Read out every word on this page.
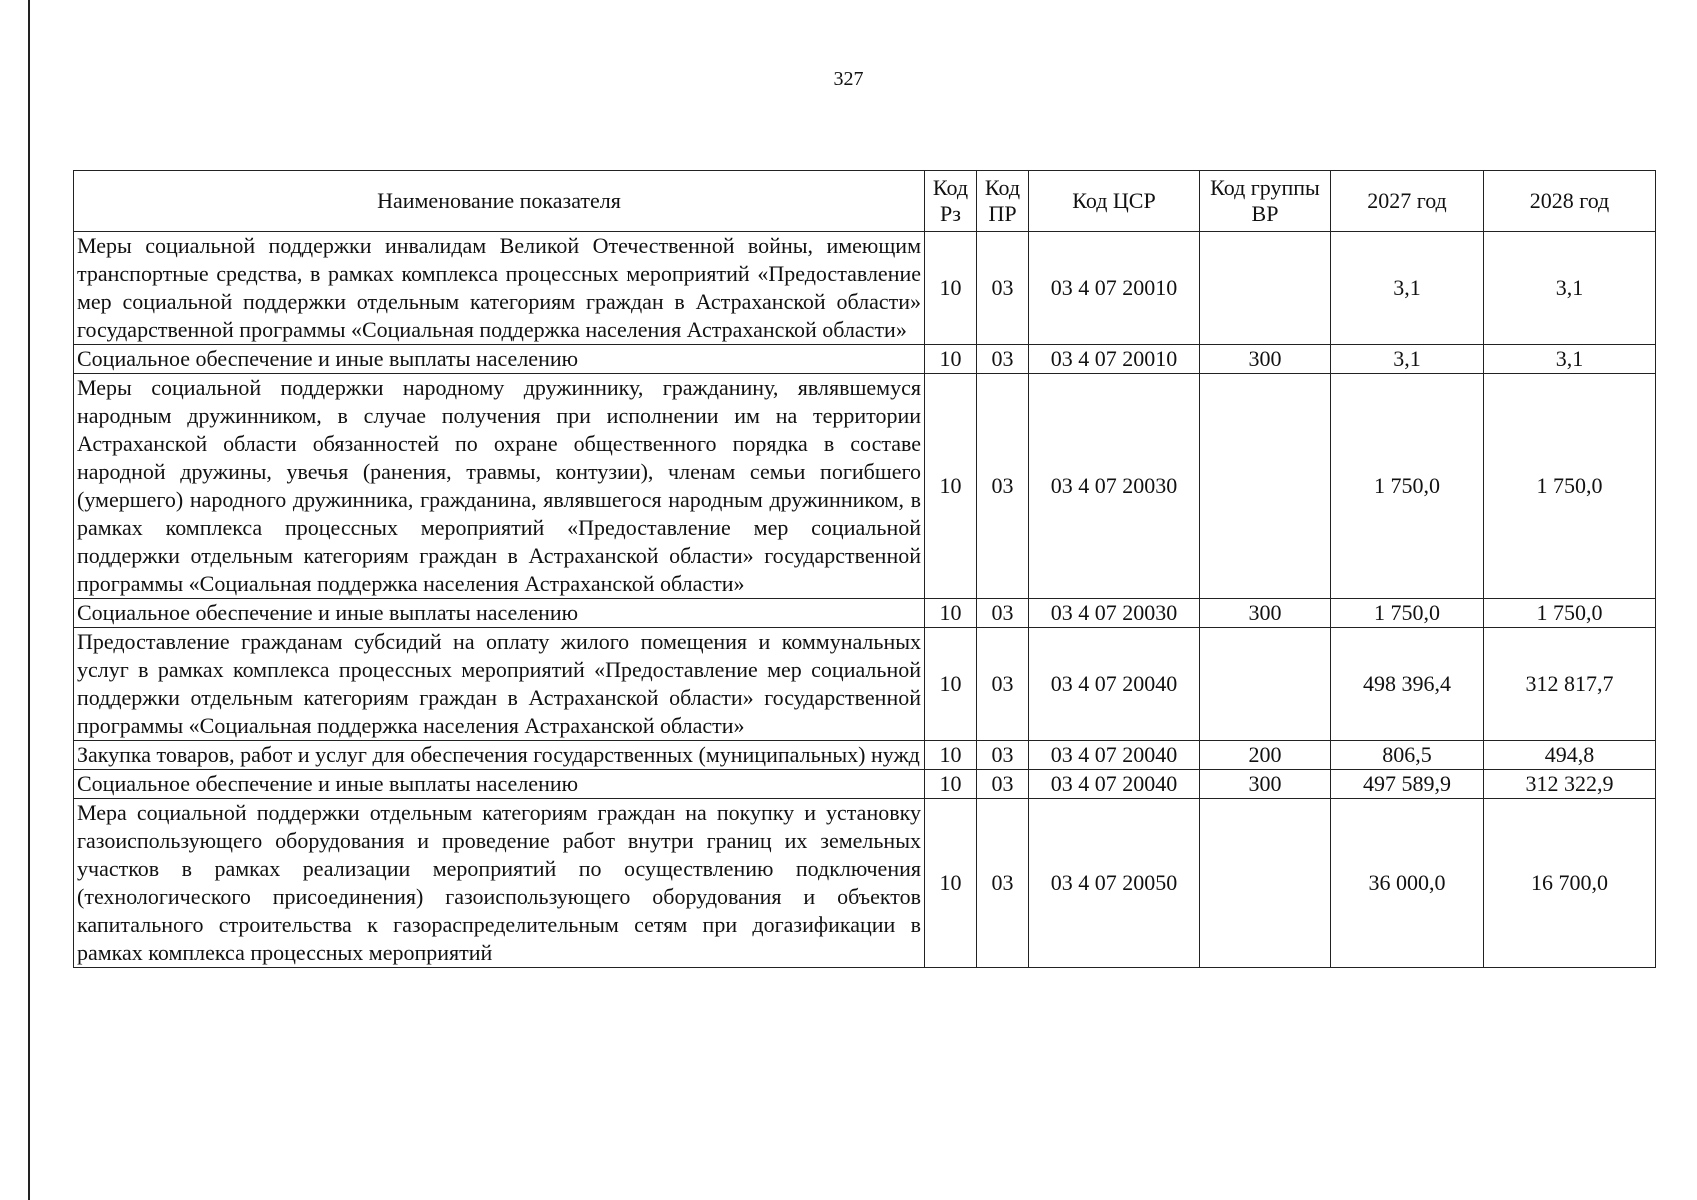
327
Наименование показателя	Код Рз	Код ПР	Код ЦСР	Код группы ВР	2027 год	2028 год
Меры социальной поддержки инвалидам Великой Отечественной войны, имеющим транспортные средства, в рамках комплекса процессных мероприятий «Предоставление мер социальной поддержки отдельным категориям граждан в Астраханской области» государственной программы «Социальная поддержка населения Астраханской области»	10	03	03 4 07 20010		3,1	3,1
Социальное обеспечение и иные выплаты населению	10	03	03 4 07 20010	300	3,1	3,1
Меры социальной поддержки народному дружиннику, гражданину, являвшемуся народным дружинником, в случае получения при исполнении им на территории Астраханской области обязанностей по охране общественного порядка в составе народной дружины, увечья (ранения, травмы, контузии), членам семьи погибшего (умершего) народного дружинника, гражданина, являвшегося народным дружинником, в рамках комплекса процессных мероприятий «Предоставление мер социальной поддержки отдельным категориям граждан в Астраханской области» государственной программы «Социальная поддержка населения Астраханской области»	10	03	03 4 07 20030		1 750,0	1 750,0
Социальное обеспечение и иные выплаты населению	10	03	03 4 07 20030	300	1 750,0	1 750,0
Предоставление гражданам субсидий на оплату жилого помещения и коммунальных услуг в рамках комплекса процессных мероприятий «Предоставление мер социальной поддержки отдельным категориям граждан в Астраханской области» государственной программы «Социальная поддержка населения Астраханской области»	10	03	03 4 07 20040		498 396,4	312 817,7
Закупка товаров, работ и услуг для обеспечения государственных (муниципальных) нужд	10	03	03 4 07 20040	200	806,5	494,8
Социальное обеспечение и иные выплаты населению	10	03	03 4 07 20040	300	497 589,9	312 322,9
Мера социальной поддержки отдельным категориям граждан на покупку и установку газоиспользующего оборудования и проведение работ внутри границ их земельных участков в рамках реализации мероприятий по осуществлению подключения (технологического присоединения) газоиспользующего оборудования и объектов капитального строительства к газораспределительным сетям при догазификации в рамках комплекса процессных мероприятий	10	03	03 4 07 20050		36 000,0	16 700,0
